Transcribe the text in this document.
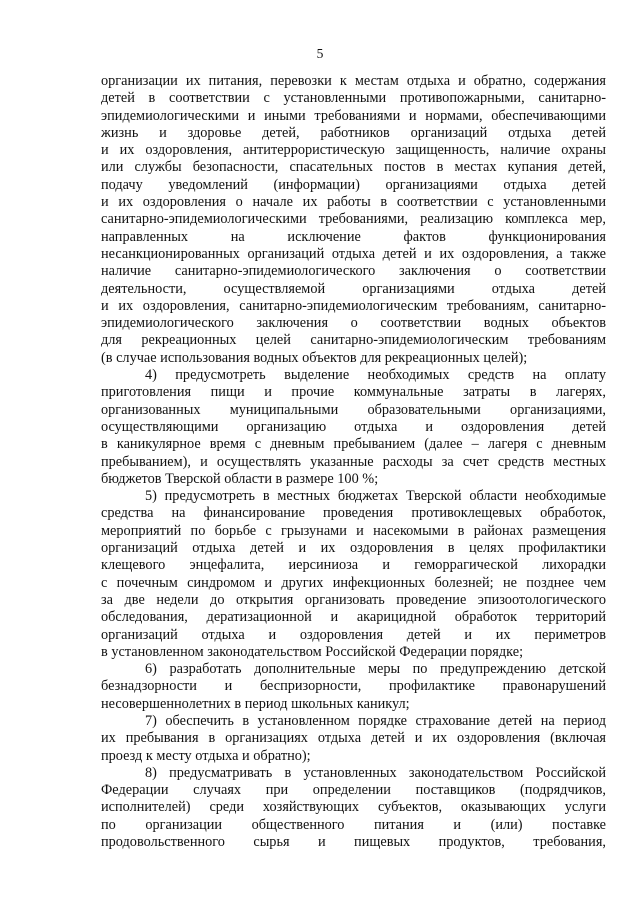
5
организации их питания, перевозки к местам отдыха и обратно, содержания
детей в соответствии с установленными противопожарными, санитарно-
эпидемиологическими и иными требованиями и нормами, обеспечивающими
жизнь и здоровье детей, работников организаций отдыха детей
и их оздоровления, антитеррористическую защищенность, наличие охраны
или службы безопасности, спасательных постов в местах купания детей,
подачу уведомлений (информации) организациями отдыха детей
и их оздоровления о начале их работы в соответствии с установленными
санитарно-эпидемиологическими требованиями, реализацию комплекса мер,
направленных на исключение фактов функционирования
несанкционированных организаций отдыха детей и их оздоровления, а также
наличие санитарно-эпидемиологического заключения о соответствии
деятельности, осуществляемой организациями отдыха детей
и их оздоровления, санитарно-эпидемиологическим требованиям, санитарно-
эпидемиологического заключения о соответствии водных объектов
для рекреационных целей санитарно-эпидемиологическим требованиям
(в случае использования водных объектов для рекреационных целей);
4) предусмотреть выделение необходимых средств на оплату
приготовления пищи и прочие коммунальные затраты в лагерях,
организованных муниципальными образовательными организациями,
осуществляющими организацию отдыха и оздоровления детей
в каникулярное время с дневным пребыванием (далее – лагеря с дневным
пребыванием), и осуществлять указанные расходы за счет средств местных
бюджетов Тверской области в размере 100 %;
5) предусмотреть в местных бюджетах Тверской области необходимые
средства на финансирование проведения противоклещевых обработок,
мероприятий по борьбе с грызунами и насекомыми в районах размещения
организаций отдыха детей и их оздоровления в целях профилактики
клещевого энцефалита, иерсиниоза и геморрагической лихорадки
с почечным синдромом и других инфекционных болезней; не позднее чем
за две недели до открытия организовать проведение эпизоотологического
обследования, дератизационной и акарицидной обработок территорий
организаций отдыха и оздоровления детей и их периметров
в установленном законодательством Российской Федерации порядке;
6) разработать дополнительные меры по предупреждению детской
безнадзорности и беспризорности, профилактике правонарушений
несовершеннолетних в период школьных каникул;
7) обеспечить в установленном порядке страхование детей на период
их пребывания в организациях отдыха детей и их оздоровления (включая
проезд к месту отдыха и обратно);
8) предусматривать в установленных законодательством Российской
Федерации случаях при определении поставщиков (подрядчиков,
исполнителей) среди хозяйствующих субъектов, оказывающих услуги
по организации общественного питания и (или) поставке
продовольственного сырья и пищевых продуктов, требования,
